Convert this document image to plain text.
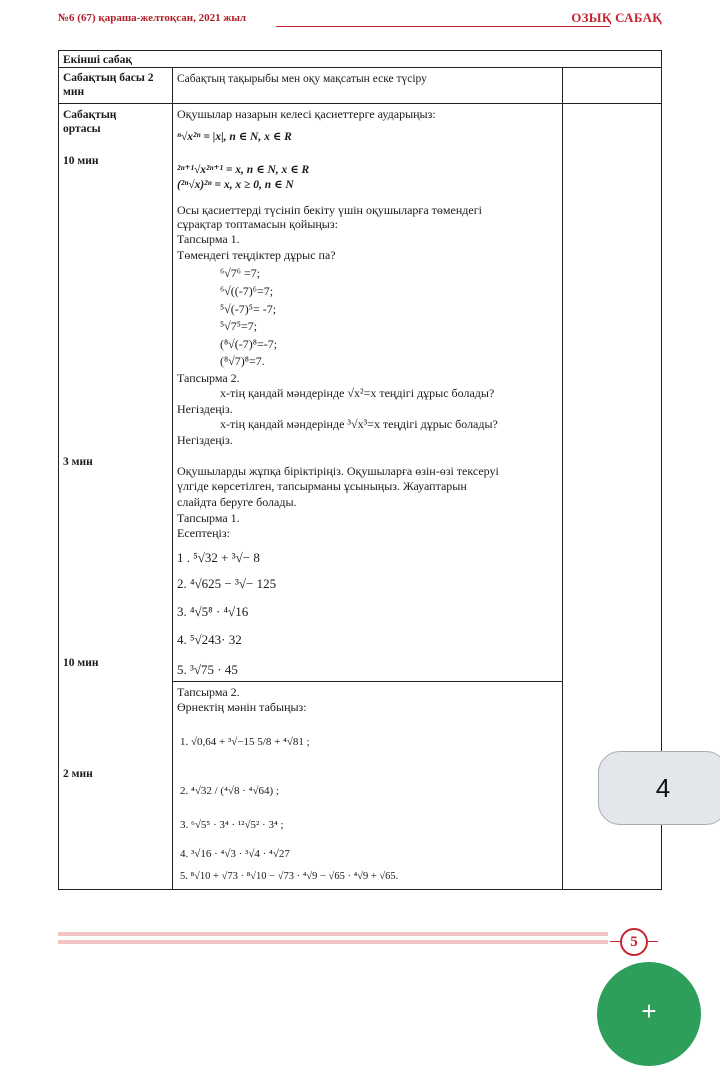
№6 (67) қараша-желтоқсан, 2021 жыл	ОЗЫҚ САБАҚ
Екінші сабақ
Сабақтың басы 2 мин
Сабақтың тақырыбы мен оқу мақсатын еске түсіру
Сабақтың ортасы
10 мин
3 мин
10 мин
2 мин
Оқушылар назарын келесі қасиеттерге аударыңыз:
ⁿ√x²ⁿ = |x|, n ∈ N, x ∈ R
²ⁿ⁺¹√x²ⁿ⁺¹ = x, n ∈ N, x ∈ R
(²ⁿ√x)²ⁿ = x, x ≥ 0, n ∈ N
Осы қасиеттерді түсініп бекіту үшін оқушыларға төмендегі
сұрақтар топтамасын қойыңыз:
Тапсырма 1.
Төмендегі теңдіктер дұрыс па?
⁶√7⁶ =7;
⁶√((-7)⁶=7;
⁵√(-7)⁵= -7;
⁵√7⁵=7;
(⁸√(-7)⁸=-7;
(⁸√7)⁸=7.
Тапсырма 2.
х-тің қандай мәндерінде √x²=x теңдігі дұрыс болады?
Негіздеңіз.
х-тің қандай мәндерінде ³√x³=x теңдігі дұрыс болады?
Негіздеңіз.
Оқушыларды жұпқа біріктіріңіз. Оқушыларға өзін-өзі тексеруі
үлгіде көрсетілген, тапсырманы ұсыныңыз. Жауаптарын
слайдта беруге болады.
Тапсырма 1.
Есептеңіз:
1 . ⁵√32 + ³√− 8
2. ⁴√625 − ³√− 125
3. ⁴√5⁸ · ⁴√16
4. ⁵√243· 32
5. ³√75 · 45
Тапсырма 2.
Өрнектің мәнін табыңыз:
1. √0,64 + ³√−15 5/8 + ⁴√81 ;
2. ⁴√32 / (⁴√8 · ⁴√64) ;
3. ⁶√5⁵ · 3⁴ · ¹²√5² · 3⁴ ;
4. ³√16 · ⁴√3 · ³√4 · ⁴√27
5. ⁸√10 + √73 · ⁸√10 − √73 · ⁴√9 − √65 · ⁴√9 + √65.
5
4
+
